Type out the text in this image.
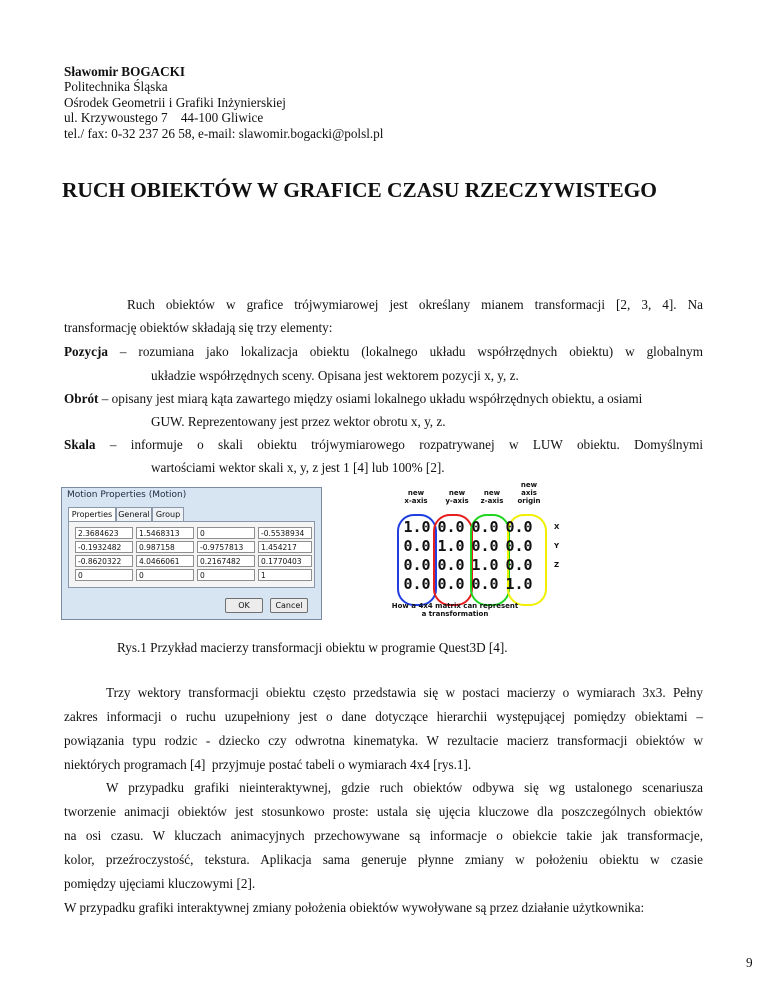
Sławomir BOGACKI
Politechnika Śląska
Ośrodek Geometrii i Grafiki Inżynierskiej
ul. Krzywoustego 7    44-100 Gliwice
tel./ fax: 0-32 237 26 58, e-mail: slawomir.bogacki@polsl.pl
RUCH OBIEKTÓW W GRAFICE CZASU RZECZYWISTEGO
Ruch obiektów w grafice trójwymiarowej jest określany mianem transformacji [2, 3, 4]. Na
transformację obiektów składają się trzy elementy:
Pozycja – rozumiana jako lokalizacja obiektu (lokalnego układu współrzędnych obiektu) w globalnym
układzie współrzędnych sceny. Opisana jest wektorem pozycji x, y, z.
Obrót – opisany jest miarą kąta zawartego między osiami lokalnego układu współrzędnych obiektu, a osiami
GUW. Reprezentowany jest przez wektor obrotu x, y, z.
Skala – informuje o skali obiektu trójwymiarowego rozpatrywanej w LUW obiektu. Domyślnymi
wartościami wektor skali x, y, z jest 1 [4] lub 100% [2].
Motion Properties (Motion)
Properties General Group
2.3684623	1.5468313	0	-0.5538934
-0.1932482	0.987158	-0.9757813	1.454217
-0.8620322	4.0466061	0.2167482	0.1770403
0	0	0	1
OK	Cancel
new
x-axis
new
y-axis
new
z-axis
new
axis
origin
1.0 0.0 0.0 0.0
0.0 1.0 0.0 0.0
0.0 0.0 1.0 0.0
0.0 0.0 0.0 1.0
X
Y
Z
How a 4x4 matrix can represent
a transformation
Rys.1 Przykład macierzy transformacji obiektu w programie Quest3D [4].
Trzy wektory transformacji obiektu często przedstawia się w postaci macierzy o wymiarach 3x3. Pełny
zakres informacji o ruchu uzupełniony jest o dane dotyczące hierarchii występującej pomiędzy obiektami –
powiązania typu rodzic - dziecko czy odwrotna kinematyka. W rezultacie macierz transformacji obiektów w
niektórych programach [4]  przyjmuje postać tabeli o wymiarach 4x4 [rys.1].
W przypadku grafiki nieinteraktywnej, gdzie ruch obiektów odbywa się wg ustalonego scenariusza
tworzenie animacji obiektów jest stosunkowo proste: ustala się ujęcia kluczowe dla poszczególnych obiektów
na osi czasu. W kluczach animacyjnych przechowywane są informacje o obiekcie takie jak transformacje,
kolor, przeźroczystość, tekstura. Aplikacja sama generuje płynne zmiany w położeniu obiektu w czasie
pomiędzy ujęciami kluczowymi [2].
W przypadku grafiki interaktywnej zmiany położenia obiektów wywoływane są przez działanie użytkownika:
9
